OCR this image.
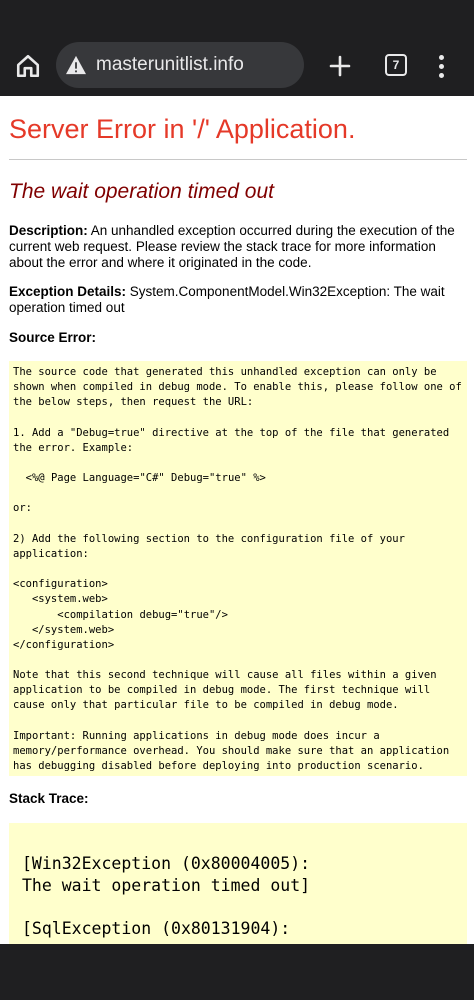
masterunitlist.info	7
Server Error in '/' Application.
The wait operation timed out
Description: An unhandled exception occurred during the execution of the current web request. Please review the stack trace for more information about the error and where it originated in the code.
Exception Details: System.ComponentModel.Win32Exception: The wait operation timed out
Source Error:
The source code that generated this unhandled exception can only be
shown when compiled in debug mode. To enable this, please follow one of
the below steps, then request the URL:

1. Add a "Debug=true" directive at the top of the file that generated
the error. Example:

<%@ Page Language="C#" Debug="true" %>

or:

2) Add the following section to the configuration file of your
application:

<configuration>
<system.web>
<compilation debug="true"/>
</system.web>
</configuration>

Note that this second technique will cause all files within a given
application to be compiled in debug mode. The first technique will
cause only that particular file to be compiled in debug mode.

Important: Running applications in debug mode does incur a
memory/performance overhead. You should make sure that an application
has debugging disabled before deploying into production scenario.
Stack Trace:
[Win32Exception (0x80004005):
The wait operation timed out]

[SqlException (0x80131904):
